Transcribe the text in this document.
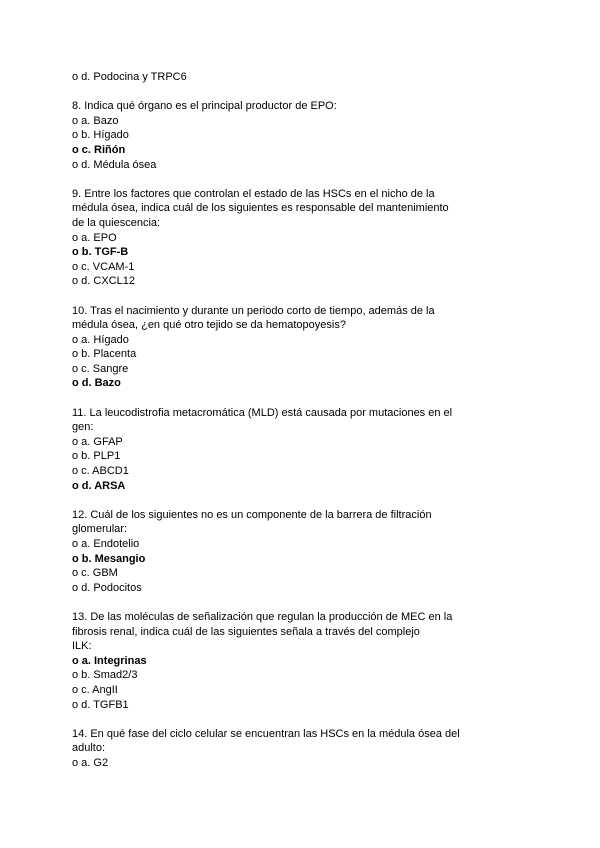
o d. Podocina y TRPC6
8. Indica qué órgano es el principal productor de EPO:
o a. Bazo
o b. Hígado
o c. Riñón
o d. Médula ósea
9. Entre los factores que controlan el estado de las HSCs en el nicho de la
médula ósea, indica cuál de los siguientes es responsable del mantenimiento
de la quiescencia:
o a. EPO
o b. TGF-B
o c. VCAM-1
o d. CXCL12
10. Tras el nacimiento y durante un periodo corto de tiempo, además de la
médula ósea, ¿en qué otro tejido se da hematopoyesis?
o a. Hígado
o b. Placenta
o c. Sangre
o d. Bazo
11. La leucodistrofia metacromática (MLD) está causada por mutaciones en el
gen:
o a. GFAP
o b. PLP1
o c. ABCD1
o d. ARSA
12. Cuál de los siguientes no es un componente de la barrera de filtración
glomerular:
o a. Endotelio
o b. Mesangio
o c. GBM
o d. Podocitos
13. De las moléculas de señalización que regulan la producción de MEC en la
fibrosis renal, indica cuál de las siguientes señala a través del complejo
ILK:
o a. Integrinas
o b. Smad2/3
o c. AngII
o d. TGFB1
14. En qué fase del ciclo celular se encuentran las HSCs en la médula ósea del
adulto:
o a. G2
